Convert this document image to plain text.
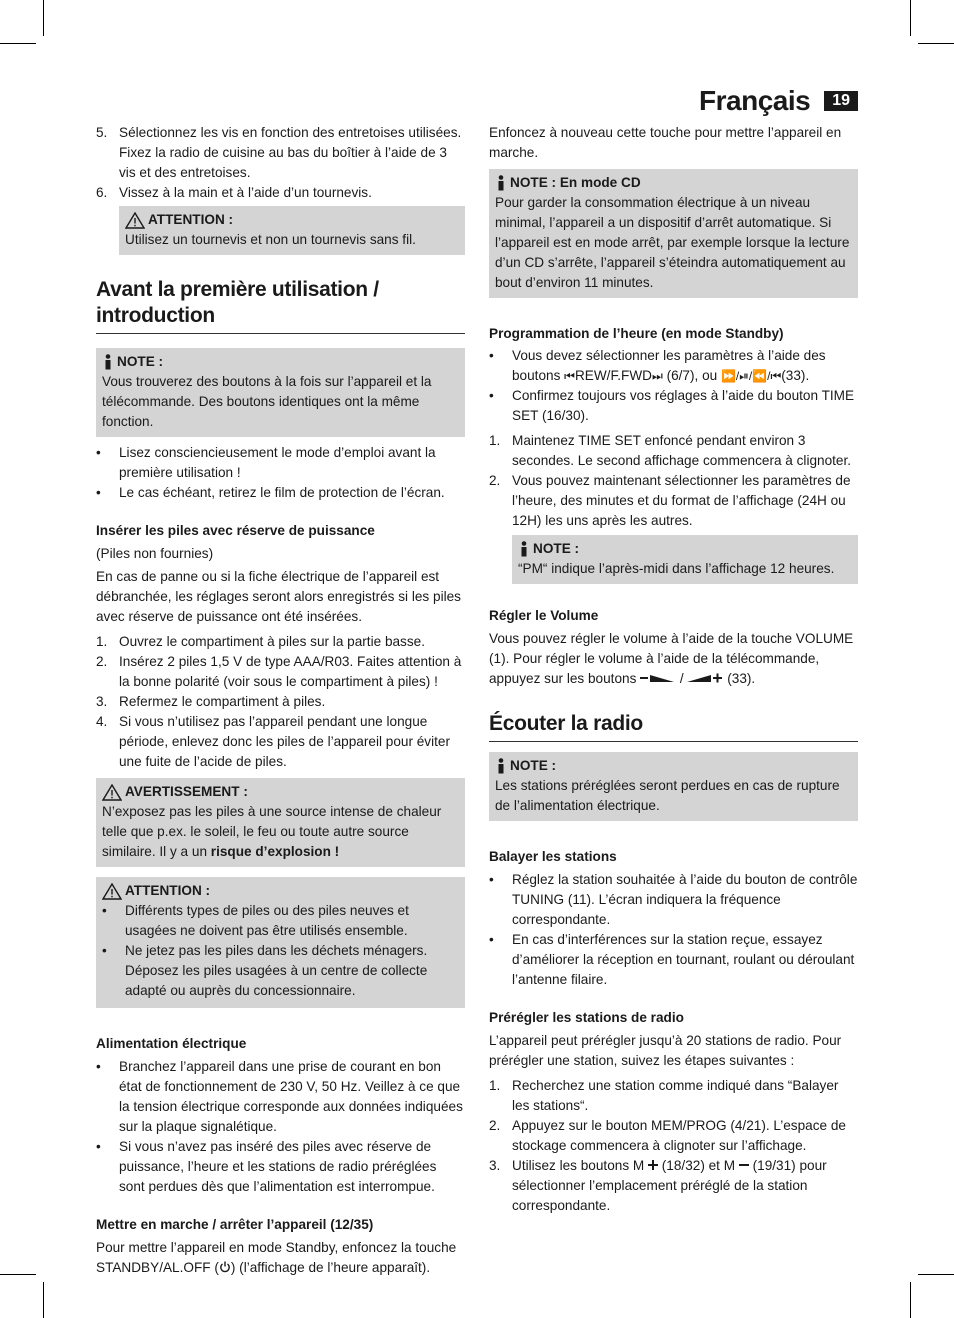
Français	19
5. Sélectionnez les vis en fonction des entretoises utilisées. Fixez la radio de cuisine au bas du boîtier à l’aide de 3 vis et des entretoises.
6. Vissez à la main et à l’aide d’un tournevis.
ATTENTION :

Utilisez un tournevis et non un tournevis sans fil.

Avant la première utilisation / introduction
NOTE :

Vous trouverez des boutons à la fois sur l’appareil et la télécommande. Des boutons identiques ont la même fonction.

• Lisez consciencieusement le mode d’emploi avant la première utilisation !
• Le cas échéant, retirez le film de protection de l’écran.
Insérer les piles avec réserve de puissance

(Piles non fournies)

En cas de panne ou si la fiche électrique de l’appareil est débranchée, les réglages seront alors enregistrés si les piles avec réserve de puissance ont été insérées.

1. Ouvrez le compartiment à piles sur la partie basse.
2. Insérez 2 piles 1,5 V de type AAA/R03. Faites attention à la bonne polarité (voir sous le compartiment à piles) !
3. Refermez le compartiment à piles.
4. Si vous n’utilisez pas l’appareil pendant une longue période, enlevez donc les piles de l’appareil pour éviter une fuite de l’acide de piles.
AVERTISSEMENT :

N’exposez pas les piles à une source intense de chaleur telle que p.ex. le soleil, le feu ou toute autre source similaire. Il y a un risque d’explosion !

ATTENTION :
• Différents types de piles ou des piles neuves et usagées ne doivent pas être utilisés ensemble.
• Ne jetez pas les piles dans les déchets ménagers. Déposez les piles usagées à un centre de collecte adapté ou auprès du concessionnaire.
Alimentation électrique
• Branchez l’appareil dans une prise de courant en bon état de fonctionnement de 230 V, 50 Hz. Veillez à ce que la tension électrique corresponde aux données indiquées sur la plaque signalétique.
• Si vous n’avez pas inséré des piles avec réserve de puissance, l’heure et les stations de radio préréglées sont perdues dès que l’alimentation est interrompue.
Mettre en marche / arrêter l’appareil (12/35)

Pour mettre l’appareil en mode Standby, enfoncez la touche STANDBY/AL.OFF ( ) (l’affichage de l’heure apparaît).

Enfoncez à nouveau cette touche pour mettre l’appareil en marche.

NOTE : En mode CD

Pour garder la consommation électrique à un niveau minimal, l’appareil a un dispositif d’arrêt automatique. Si l’appareil est en mode arrêt, par exemple lorsque la lecture d’un CD s’arrête, l’appareil s’éteindra automatiquement au bout d’environ 11 minutes.

Programmation de l’heure (en mode Standby)
• Vous devez sélectionner les paramètres à l’aide des boutons ⏮REW/F.FWD⏭ (6/7), ou ⏩/⏯/⏪/⏮(33).
• Confirmez toujours vos réglages à l’aide du bouton TIME SET (16/30).
1. Maintenez TIME SET enfoncé pendant environ 3 secondes. Le second affichage commencera à clignoter.
2. Vous pouvez maintenant sélectionner les paramètres de l’heure, des minutes et du format de l’affichage (24H ou 12H) les uns après les autres.
NOTE :

“PM“ indique l’après-midi dans l’affichage 12 heures.

Régler le Volume

Vous pouvez régler le volume à l’aide de la touche VOLUME (1). Pour régler le volume à l’aide de la télécommande, appuyez sur les boutons	/	(33).

Écouter la radio
NOTE :

Les stations préréglées seront perdues en cas de rupture de l’alimentation électrique.

Balayer les stations
• Réglez la station souhaitée à l’aide du bouton de contrôle TUNING (11). L’écran indiquera la fréquence correspondante.
• En cas d’interférences sur la station reçue, essayez d’améliorer la réception en tournant, roulant ou déroulant l’antenne filaire.
Prérégler les stations de radio

L’appareil peut prérégler jusqu’à 20 stations de radio. Pour prérégler une station, suivez les étapes suivantes :

1. Recherchez une station comme indiqué dans “Balayer les stations“.
2. Appuyez sur le bouton MEM/PROG (4/21). L’espace de stockage commencera à clignoter sur l’affichage.
3. Utilisez les boutons M  (18/32) et M  (19/31) pour sélectionner l’emplacement préréglé de la station correspondante.
